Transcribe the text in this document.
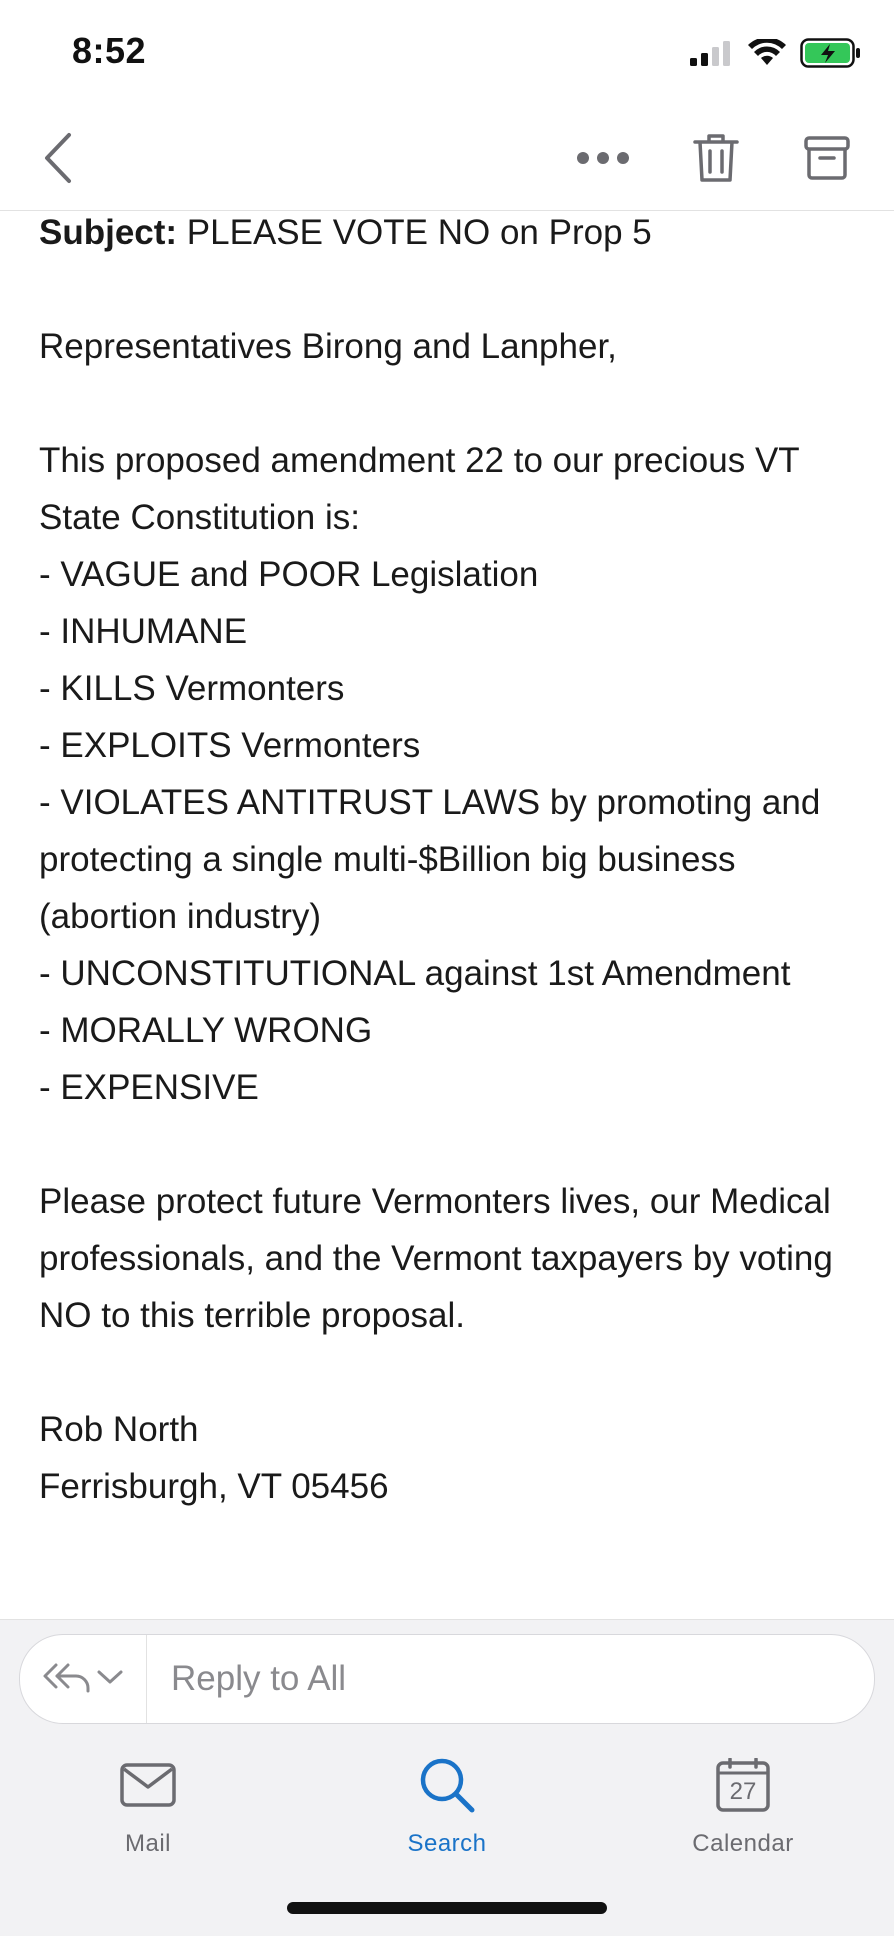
8:52

Subject: PLEASE VOTE NO on Prop 5

Representatives Birong and Lanpher,

This proposed amendment 22 to our precious VT State Constitution is:

- VAGUE and POOR Legislation

- INHUMANE

- KILLS Vermonters

- EXPLOITS Vermonters

- VIOLATES ANTITRUST LAWS by promoting and protecting a single multi-$Billion big business (abortion industry)

- UNCONSTITUTIONAL against 1st Amendment

- MORALLY WRONG

- EXPENSIVE

Please protect future Vermonters lives, our Medical professionals, and the Vermont taxpayers by voting NO to this terrible proposal.

Rob North

Ferrisburgh, VT 05456

Reply to All
Mail	Search
27
Calendar
